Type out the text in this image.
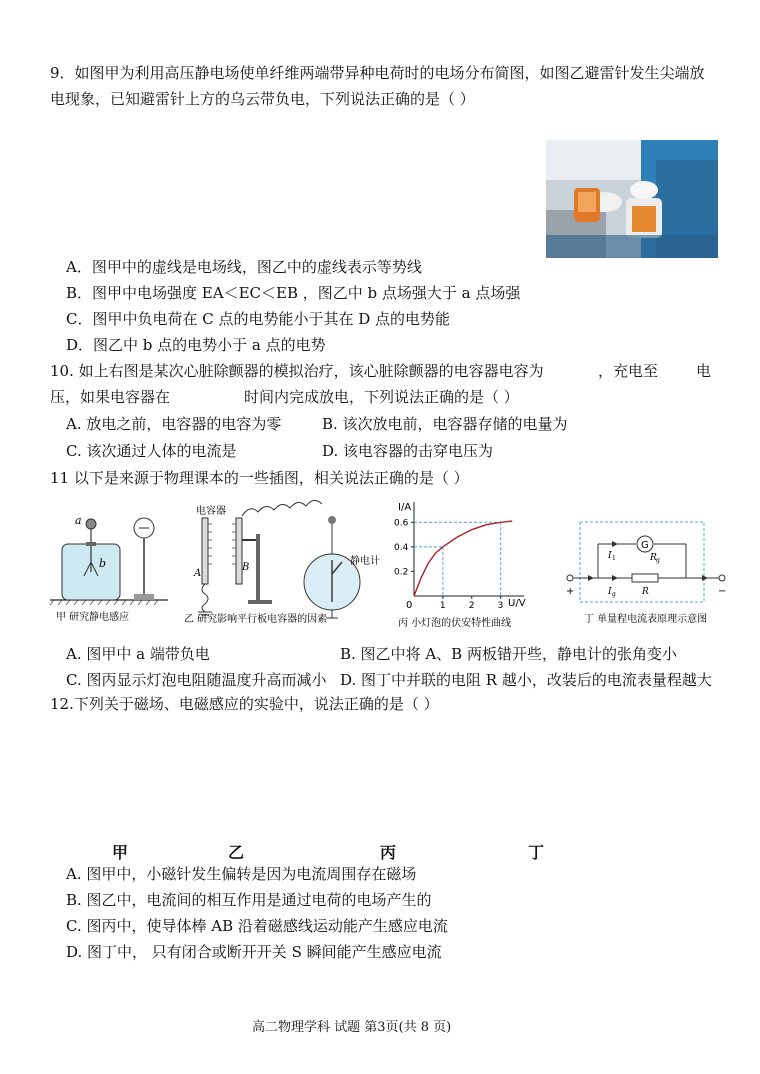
9．如图甲为利用高压静电场使单纤维两端带异种电荷时的电场分布简图，如图乙避雷针发生尖端放
电现象，已知避雷针上方的乌云带负电，下列说法正确的是（ ）
A．图甲中的虚线是电场线，图乙中的虚线表示等势线
B．图甲中电场强度 EA＜EC＜EB ，图乙中 b 点场强大于 a 点场强
C．图甲中负电荷在 C 点的电势能小于其在 D 点的电势能
D．图乙中 b 点的电势小于 a 点的电势
10. 如上右图是某次心脏除颤器的模拟治疗，该心脏除颤器的电容器电容为	，充电至	电
压，如果电容器在	时间内完成放电，下列说法正确的是（ ）
A. 放电之前，电容器的电容为零	B. 该次放电前，电容器存储的电量为
C. 该次通过人体的电流是	D. 该电容器的击穿电压为
11 以下是来源于物理课本的一些插图，相关说法正确的是（ ）
a
b
甲 研究静电感应
电容器
A
B
静电计
乙 研究影响平行板电容器的因素
I/A
U/V
0
丙 小灯泡的伏安特性曲线
0.2
0.4
0.6
1	2	3
G
I 1	R g
I g	R
+	−
丁 单量程电流表原理示意图
A. 图甲中 a 端带负电	B. 图乙中将 A、B 两板错开些，静电计的张角变小
C. 图丙显示灯泡电阻随温度升高而减小 D. 图丁中并联的电阻 R 越小，改装后的电流表量程越大
12.下列关于磁场、电磁感应的实验中，说法正确的是（ ）
甲	乙	丙	丁
A. 图甲中，小磁针发生偏转是因为电流周围存在磁场
B. 图乙中，电流间的相互作用是通过电荷的电场产生的
C. 图丙中，使导体棒 AB 沿着磁感线运动能产生感应电流
D. 图丁中， 只有闭合或断开开关 S 瞬间能产生感应电流
高二物理学科 试题 第3页(共 8 页)
